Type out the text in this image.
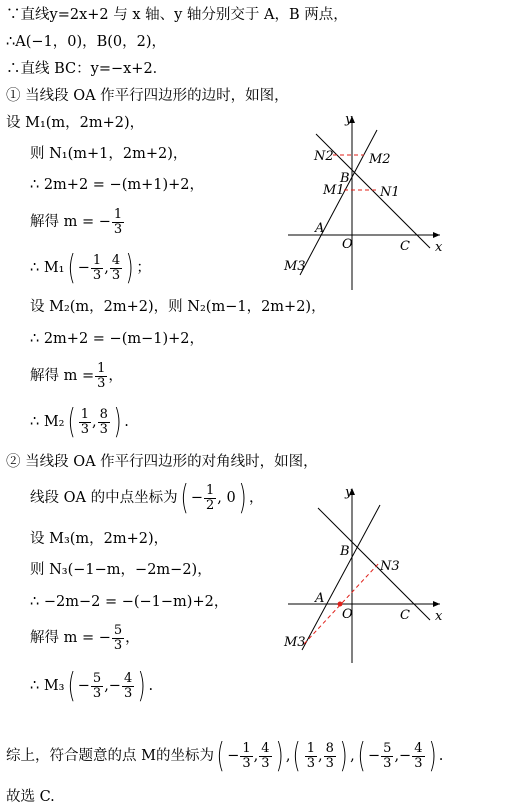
∵直线y=2x+2 与 x 轴、y 轴分别交于 A，B 两点，
∴A(−1，0)，B(0，2)，
∴直线 BC：y=−x+2．
① 当线段 OA 作平行四边形的边时，如图，
设 M₁(m，2m+2)，
则 N₁(m+1，2m+2)，
∴ 2m+2 = −(m+1)+2，
解得 m = − $\frac{1}{3}$
∴ $M_1( - \frac{1}{3}$ , $\frac{4}{3}$ ) ；
设 M₂(m，2m+2)，则 N₂(m−1，2m+2)，
∴ 2m+2 = −(m−1)+2，
解得 $m = \frac{1}{3}$ ，
∴ $M_2( \frac{1}{3}$ , $\frac{8}{3}$ ) .
② 当线段 OA 作平行四边形的对角线时，如图，
线段 OA 的中点坐标为( − $\frac{1}{2}$ , 0) ，
设 M₃(m，2m+2)，
则 N₃(−1−m，−2m−2)，
∴ −2m−2 = −(−1−m)+2，
解得 m = − $\frac{5}{3}$ ，
∴ $M_3( - \frac{5}{3}$ ,− $\frac{4}{3}$ ) .
综上，符合题意的点 M的坐标为( − $\frac{1}{3}$ , $\frac{4}{3}$ ) ,( $\frac{1}{3}$ , $\frac{8}{3}$ ) ,( − $\frac{5}{3}$ ,− $\frac{4}{3}$ ) .
故选 C.
y
x
O
A
B
C
M1	N1
M2
N2
M3
y
x
O
A
B
C
N3
M3
